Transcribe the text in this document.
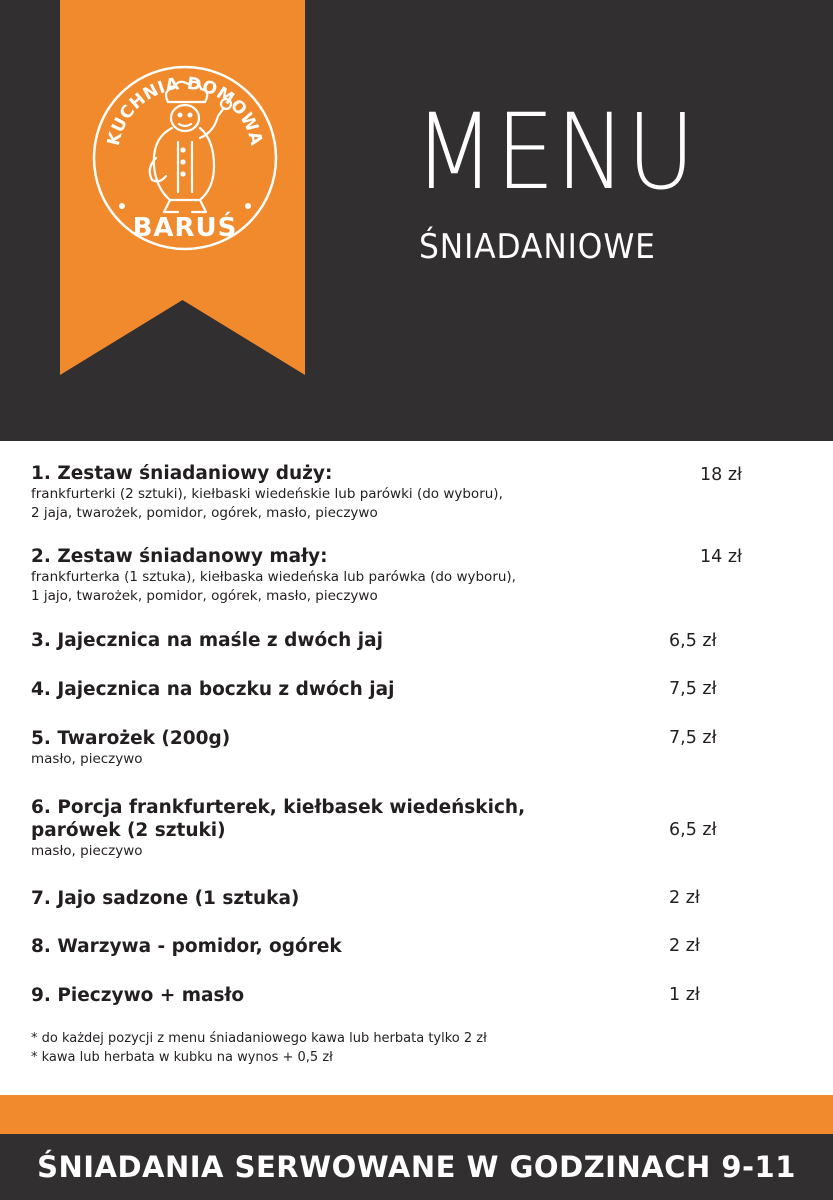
KUCHNIA DOMOWA
BARUŚ
MENU
ŚNIADANIOWE
1. Zestaw śniadaniowy duży:
frankfurterki (2 sztuki), kiełbaski wiedeńskie lub parówki (do wyboru),
2 jaja, twarożek, pomidor, ogórek, masło, pieczywo
18 zł
2. Zestaw śniadanowy mały:
frankfurterka (1 sztuka), kiełbaska wiedeńska lub parówka (do wyboru),
1 jajo, twarożek, pomidor, ogórek, masło, pieczywo
14 zł
3. Jajecznica na maśle z dwóch jaj	6,5 zł
4. Jajecznica na boczku z dwóch jaj	7,5 zł
5. Twarożek (200g)
masło, pieczywo
7,5 zł
6. Porcja frankfurterek, kiełbasek wiedeńskich,
parówek (2 sztuki)
masło, pieczywo
6,5 zł
7. Jajo sadzone (1 sztuka)	2 zł
8. Warzywa - pomidor, ogórek	2 zł
9. Pieczywo + masło	1 zł
* do każdej pozycji z menu śniadaniowego kawa lub herbata tylko 2 zł
* kawa lub herbata w kubku na wynos + 0,5 zł
ŚNIADANIA SERWOWANE W GODZINACH 9-11
